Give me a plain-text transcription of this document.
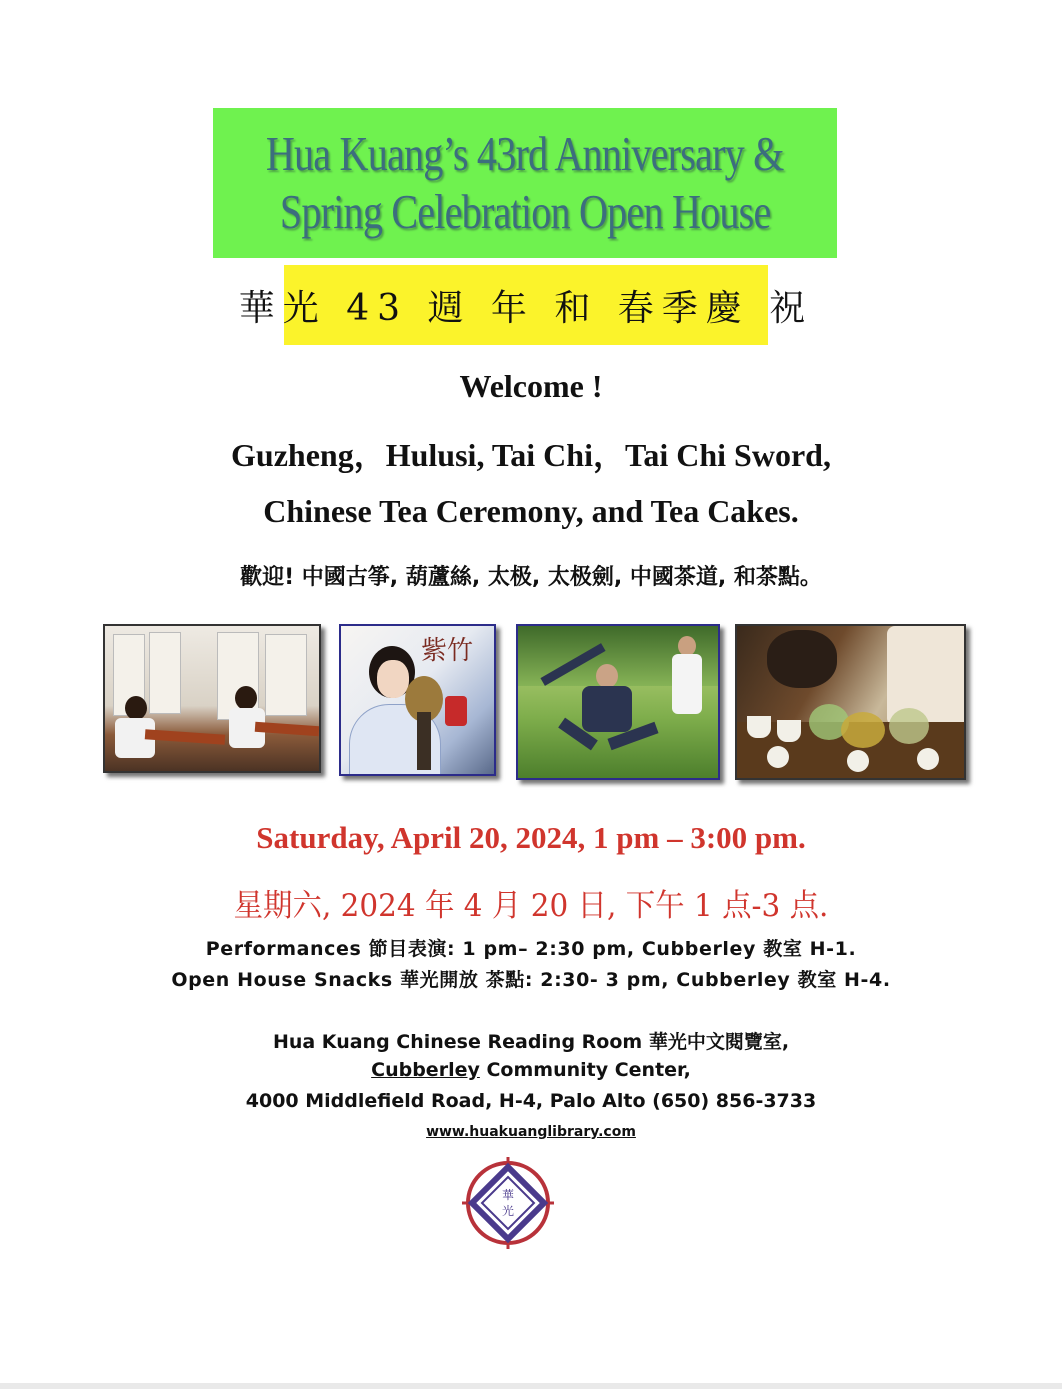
Hua Kuang’s 43rd Anniversary &
Spring Celebration Open House
華光 43 週 年 和 春季慶 祝
Welcome !
Guzheng，Hulusi, Tai Chi，Tai Chi Sword,
Chinese Tea Ceremony, and Tea Cakes.
歡迎! 中國古筝, 葫蘆絲, 太极, 太极劍, 中國茶道, 和茶點。
紫竹
Saturday, April 20, 2024, 1 pm – 3:00 pm.
星期六, 2024 年 4 月 20 日, 下午 1 点-3 点.
Performances 節目表演: 1 pm– 2:30 pm, Cubberley 教室 H-1.
Open House Snacks 華光開放 茶點: 2:30- 3 pm, Cubberley 教室 H-4.
Hua Kuang Chinese Reading Room 華光中文閱覽室,
Cubberley Community Center,
4000 Middlefield Road, H-4, Palo Alto (650) 856-3733
www.huakuanglibrary.com
華
光
